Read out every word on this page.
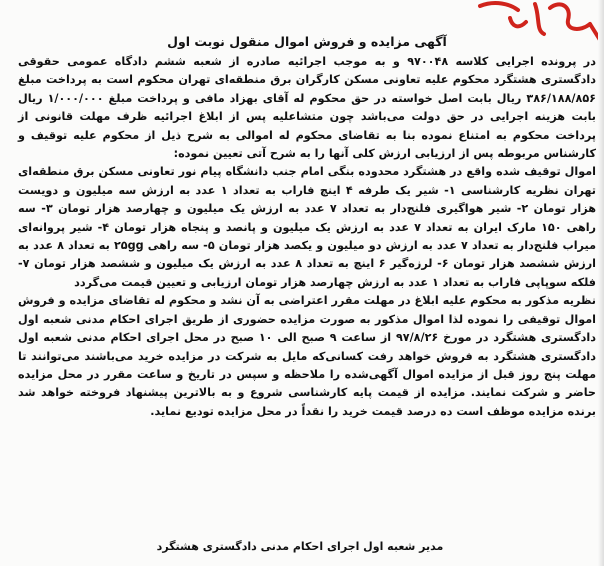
آگهی مزایده و فروش اموال منقول نوبت اول

در پرونده اجرایی کلاسه ۹۷۰۰۴۸ و به موجب اجرائیه صادره از شعبه ششم دادگاه عمومی حقوقی دادگستری هشتگرد محکوم علیه تعاونی مسکن کارگران برق منطقه‌ای تهران محکوم است به پرداخت مبلغ ۳۸۶/۱۸۸/۸۵۶ ریال بابت اصل خواسته در حق محکوم له آقای بهزاد مافی و پرداخت مبلغ ۱/۰۰۰/۰۰۰ ریال بابت هزینه اجرایی در حق دولت می‌باشد چون متشاعلیه پس از ابلاغ اجرائیه ظرف مهلت قانونی از پرداخت محکوم به امتناع نموده بنا به تقاضای محکوم له اموالی به شرح ذیل از محکوم علیه توقیف و کارشناس مربوطه پس از ارزیابی ارزش کلی آنها را به شرح آتی تعیین نموده:

اموال توقیف شده واقع در هشتگرد محدوده بنگی امام جنب دانشگاه پیام نور تعاونی مسکن برق منطقه‌ای تهران نظریه کارشناسی ۱- شیر یک طرفه ۴ اینچ فاراب به تعداد ۱ عدد به ارزش سه میلیون و دویست هزار تومان ۲- شیر هوا‌گیری فلنج‌دار به تعداد ۷ عدد به ارزش یک میلیون و چهارصد هزار تومان ۳- سه راهی ۱۵۰ مارک ایران به تعداد ۷ عدد به ارزش یک میلیون و پانصد و پنجاه هزار تومان ۴- شیر پروانه‌ای میراب فلنج‌دار به تعداد ۷ عدد به ارزش دو میلیون و یکصد هزار تومان ۵- سه راهی ۲۵gg به تعداد ۸ عدد به ارزش ششصد هزار تومان ۶- لرزه‌گیر ۶ اینچ به تعداد ۸ عدد به ارزش یک میلیون و ششصد هزار تومان ۷- فلکه سوپاپی فاراب به تعداد ۱ عدد به ارزش چهارصد هزار تومان ارزیابی و تعیین قیمت می‌گردد

نظریه مذکور به محکوم علیه ابلاغ در مهلت مقرر اعتراضی به آن نشد و محکوم له تقاضای مزایده و فروش اموال توقیفی را نموده لذا اموال مذکور به صورت مزایده حضوری از طریق اجرای احکام مدنی شعبه اول دادگستری هشتگرد در مورخ ۹۷/۸/۲۶ از ساعت ۹ صبح الی ۱۰ صبح در محل اجرای احکام مدنی شعبه اول دادگستری هشتگرد به فروش خواهد رفت کسانی‌که مایل به شرکت در مزایده خرید می‌باشند می‌توانند تا مهلت پنج روز قبل از مزایده اموال آگهی‌شده را ملاحظه و سپس در تاریخ و ساعت مقرر در محل مزایده حاضر و شرکت نمایند. مزایده از قیمت پایه کارشناسی شروع و به بالاترین پیشنهاد فروخته خواهد شد برنده مزایده موظف است ده درصد قیمت خرید را نقداً در محل مزایده تودیع نماید.

مدیر شعبه اول اجرای احکام مدنی دادگستری هشتگرد
